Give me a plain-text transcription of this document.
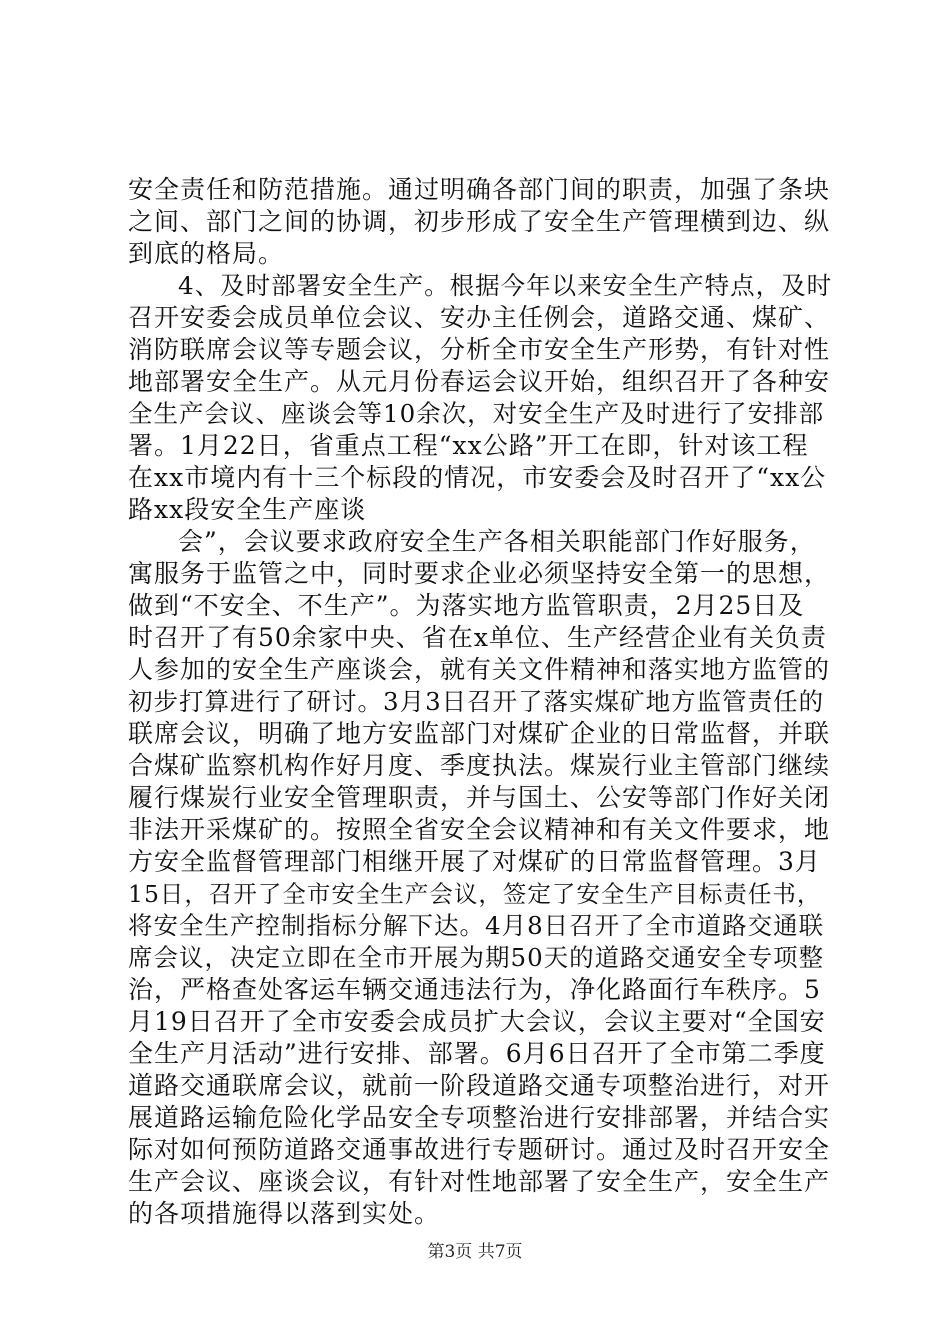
安全责任和防范措施。通过明确各部门间的职责，加强了条块
之间、部门之间的协调，初步形成了安全生产管理横到边、纵
到底的格局。
4、及时部署安全生产。根据今年以来安全生产特点，及时
召开安委会成员单位会议、安办主任例会，道路交通、煤矿、
消防联席会议等专题会议，分析全市安全生产形势，有针对性
地部署安全生产。从元月份春运会议开始，组织召开了各种安
全生产会议、座谈会等10余次，对安全生产及时进行了安排部
署。1月22日，省重点工程“xx公路”开工在即，针对该工程
在xx市境内有十三个标段的情况，市安委会及时召开了“xx公
路xx段安全生产座谈
会”，会议要求政府安全生产各相关职能部门作好服务，
寓服务于监管之中，同时要求企业必须坚持安全第一的思想，
做到“不安全、不生产”。为落实地方监管职责，2月25日及
时召开了有50余家中央、省在x单位、生产经营企业有关负责
人参加的安全生产座谈会，就有关文件精神和落实地方监管的
初步打算进行了研讨。3月3日召开了落实煤矿地方监管责任的
联席会议，明确了地方安监部门对煤矿企业的日常监督，并联
合煤矿监察机构作好月度、季度执法。煤炭行业主管部门继续
履行煤炭行业安全管理职责，并与国土、公安等部门作好关闭
非法开采煤矿的。按照全省安全会议精神和有关文件要求，地
方安全监督管理部门相继开展了对煤矿的日常监督管理。3月
15日，召开了全市安全生产会议，签定了安全生产目标责任书，
将安全生产控制指标分解下达。4月8日召开了全市道路交通联
席会议，决定立即在全市开展为期50天的道路交通安全专项整
治，严格查处客运车辆交通违法行为，净化路面行车秩序。5
月19日召开了全市安委会成员扩大会议，会议主要对“全国安
全生产月活动”进行安排、部署。6月6日召开了全市第二季度
道路交通联席会议，就前一阶段道路交通专项整治进行，对开
展道路运输危险化学品安全专项整治进行安排部署，并结合实
际对如何预防道路交通事故进行专题研讨。通过及时召开安全
生产会议、座谈会议，有针对性地部署了安全生产，安全生产
的各项措施得以落到实处。
第3页 共7页
